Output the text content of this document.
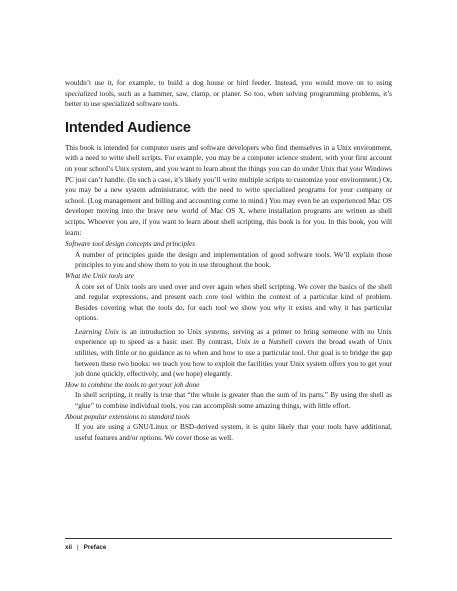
wouldn’t use it, for example, to build a dog house or bird feeder. Instead, you would move on to using specialized tools, such as a hammer, saw, clamp, or planer. So too, when solving programming problems, it’s better to use specialized software tools.

Intended Audience

This book is intended for computer users and software developers who find themselves in a Unix environment, with a need to write shell scripts. For example, you may be a computer science student, with your first account on your school’s Unix system, and you want to learn about the things you can do under Unix that your Windows PC just can’t handle. (In such a case, it’s likely you’ll write multiple scripts to customize your environment.) Or, you may be a new system administrator, with the need to write specialized programs for your company or school. (Log management and billing and accounting come to mind.) You may even be an experienced Mac OS developer moving into the brave new world of Mac OS X, where installation programs are written as shell scripts. Whoever you are, if you want to learn about shell scripting, this book is for you. In this book, you will learn:

Software tool design concepts and principles

A number of principles guide the design and implementation of good software tools. We’ll explain those principles to you and show them to you in use throughout the book.

What the Unix tools are

A core set of Unix tools are used over and over again when shell scripting. We cover the basics of the shell and regular expressions, and present each core tool within the context of a particular kind of problem. Besides covering what the tools do, for each tool we show you why it exists and why it has particular options.

Learning Unix is an introduction to Unix systems, serving as a primer to bring someone with no Unix experience up to speed as a basic user. By contrast, Unix in a Nutshell covers the broad swath of Unix utilities, with little or no guidance as to when and how to use a particular tool. Our goal is to bridge the gap between these two books: we teach you how to exploit the facilities your Unix system offers you to get your job done quickly, effectively, and (we hope) elegantly.

How to combine the tools to get your job done

In shell scripting, it really is true that “the whole is greater than the sum of its parts.” By using the shell as “glue” to combine individual tools, you can accomplish some amazing things, with little effort.

About popular extensions to standard tools

If you are using a GNU/Linux or BSD-derived system, it is quite likely that your tools have additional, useful features and/or options. We cover those as well.

xii | Preface
